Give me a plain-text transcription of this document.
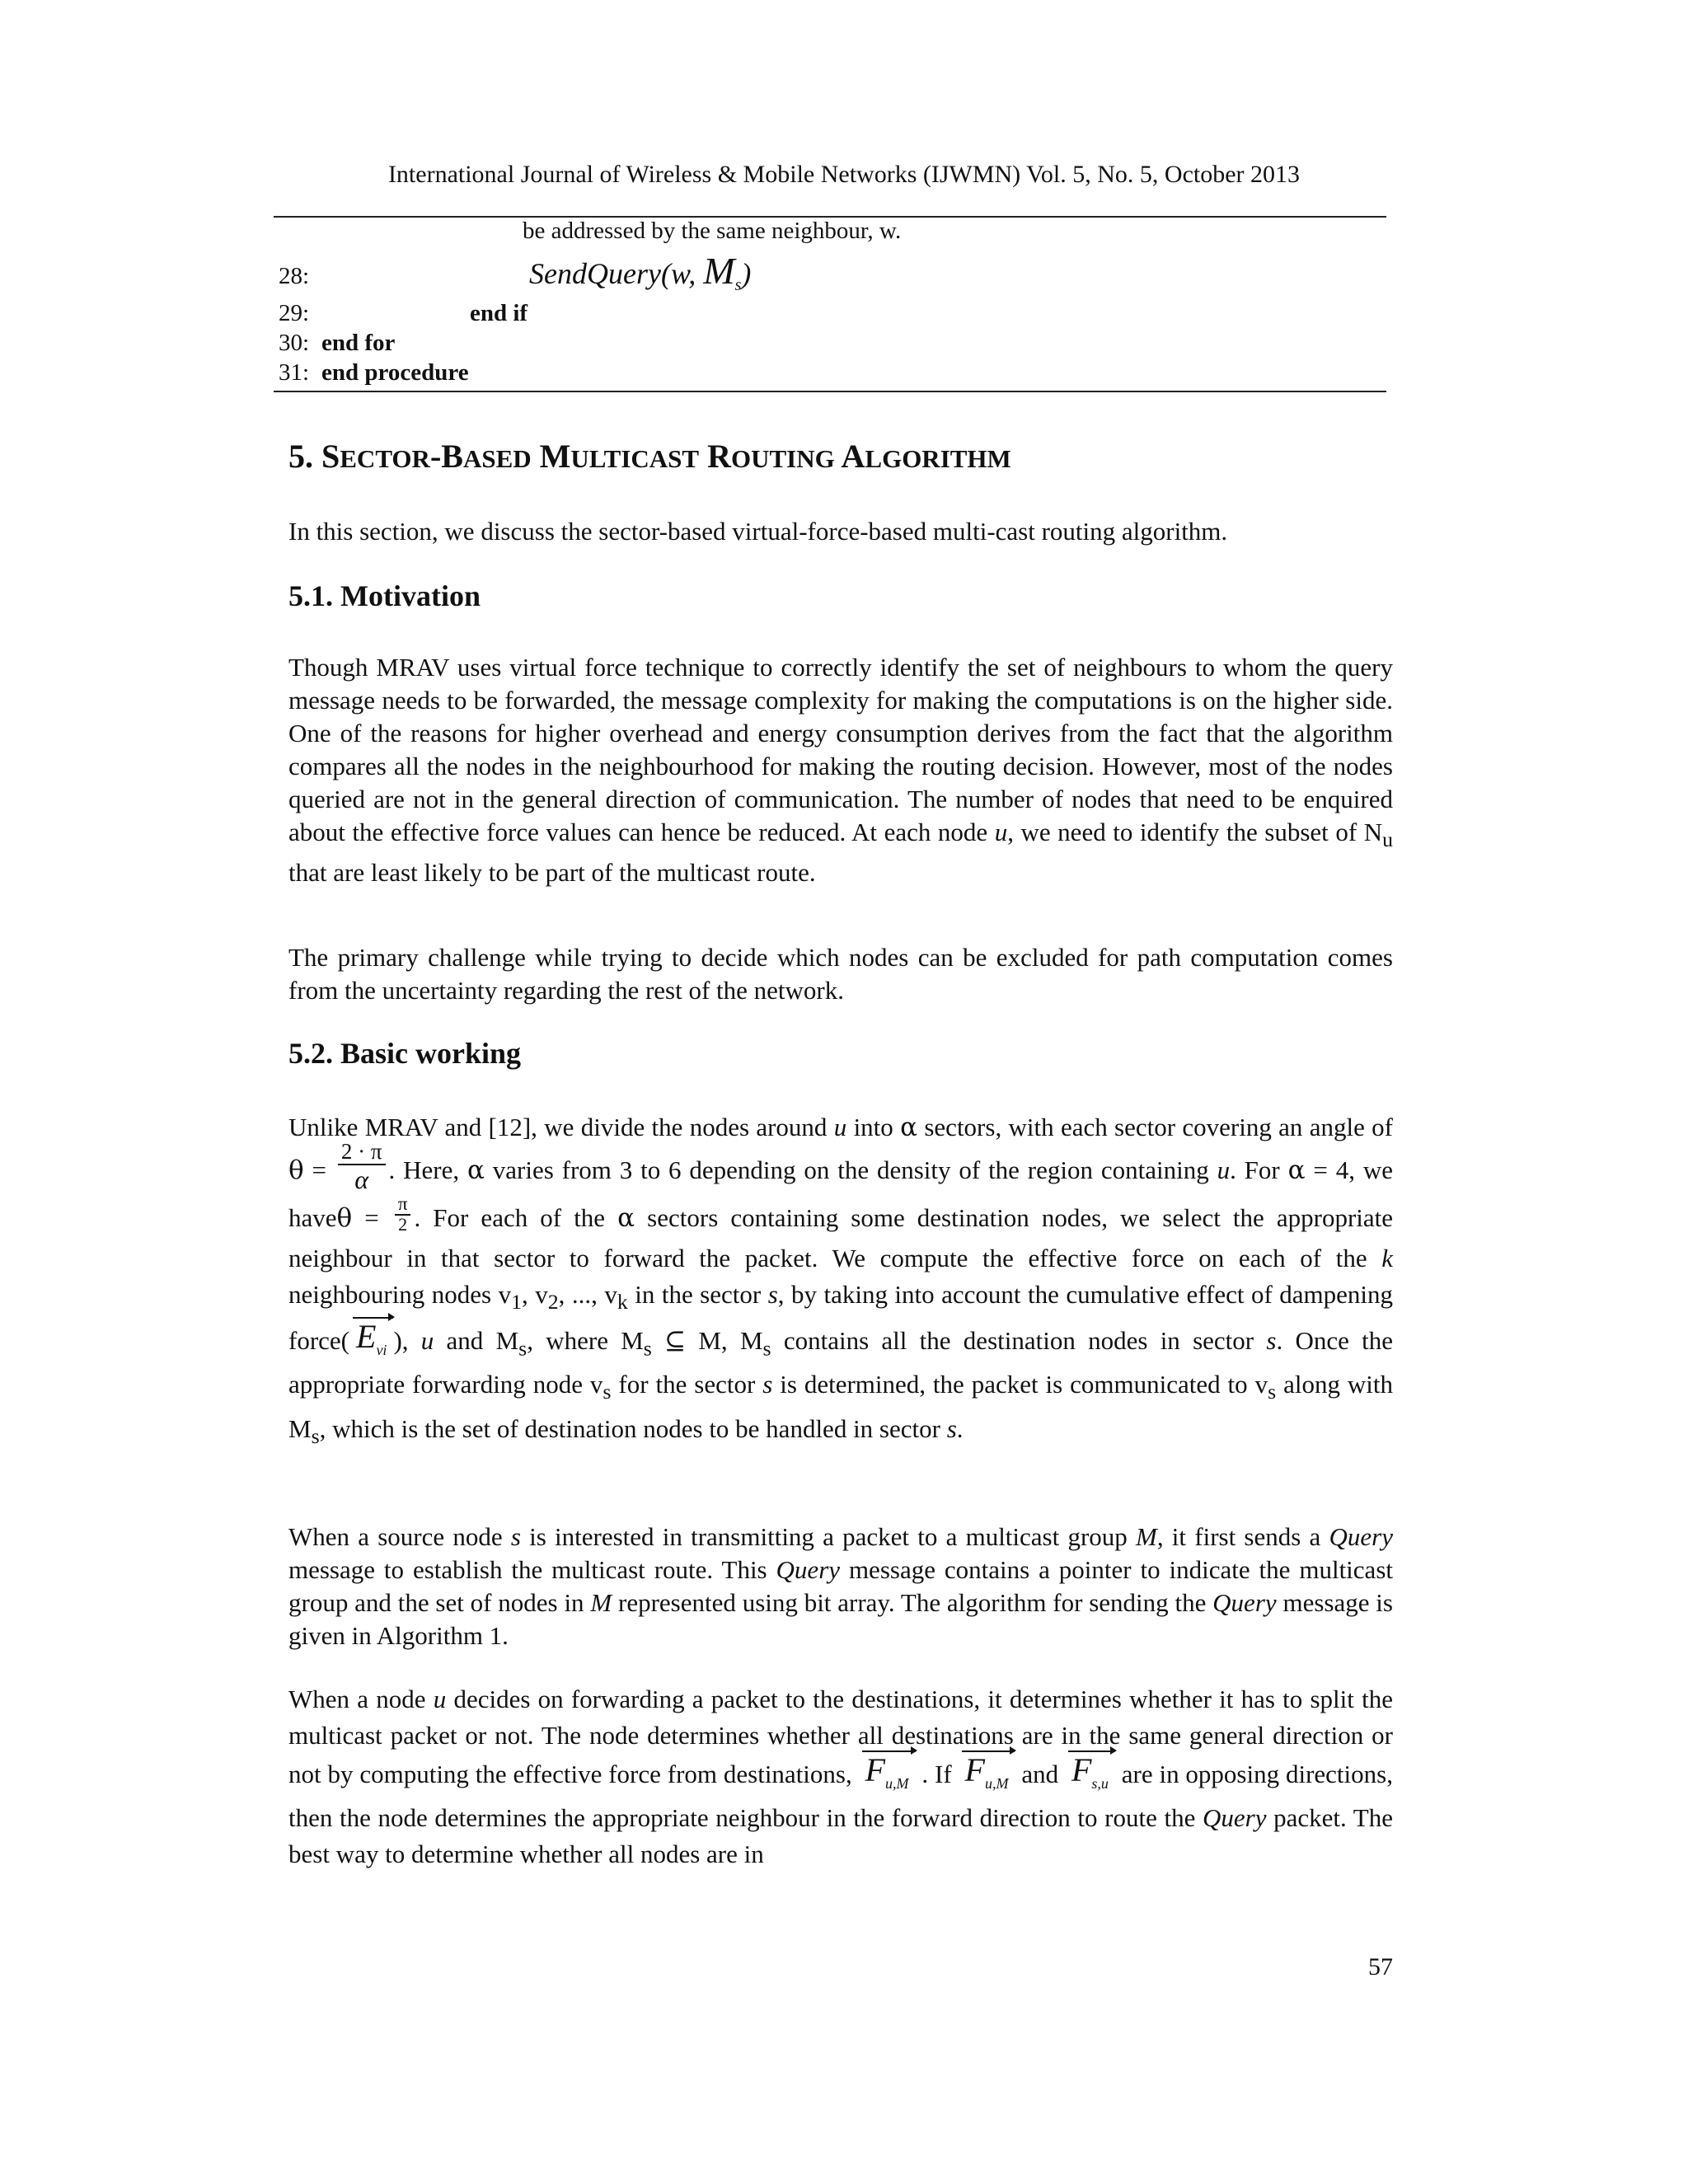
International Journal of Wireless & Mobile Networks (IJWMN) Vol. 5, No. 5, October 2013
be addressed by the same neighbour, w.
28:	SendQuery(w, $M_s$)
29:	end if
30: end for
31: end procedure
5. SECTOR-BASED MULTICAST ROUTING ALGORITHM
In this section, we discuss the sector-based virtual-force-based multi-cast routing algorithm.
5.1. Motivation
Though MRAV uses virtual force technique to correctly identify the set of neighbours to whom the query message needs to be forwarded, the message complexity for making the computations is on the higher side. One of the reasons for higher overhead and energy consumption derives from the fact that the algorithm compares all the nodes in the neighbourhood for making the routing decision. However, most of the nodes queried are not in the general direction of communication. The number of nodes that need to be enquired about the effective force values can hence be reduced. At each node u, we need to identify the subset of $N_u$ that are least likely to be part of the multicast route.
The primary challenge while trying to decide which nodes can be excluded for path computation comes from the uncertainty regarding the rest of the network.
5.2. Basic working
Unlike MRAV and [12], we divide the nodes around u into α sectors, with each sector covering an angle of $\theta = \frac{2 \cdot \pi}{\alpha}$ . Here, α varies from 3 to 6 depending on the density of the region containing u. For α = 4, we haveθ = $\frac{\pi}{2}$ . For each of the α sectors containing some destination nodes, we select the appropriate neighbour in that sector to forward the packet. We compute the effective force on each of the k neighbouring nodes $v_1$, $v_2$, ..., $v_k$ in the sector s, by taking into account the cumulative effect of dampening force( $E_{vi}$ ), u and $M_s$, where $M_s$ ⊆ M, $M_s$ contains all the destination nodes in sector s. Once the appropriate forwarding node $v_s$ for the sector s is determined, the packet is communicated to $v_s$ along with $M_s$, which is the set of destination nodes to be handled in sector s.
When a source node s is interested in transmitting a packet to a multicast group M, it first sends a Query message to establish the multicast route. This Query message contains a pointer to indicate the multicast group and the set of nodes in M represented using bit array. The algorithm for sending the Query message is given in Algorithm 1.
When a node u decides on forwarding a packet to the destinations, it determines whether it has to split the multicast packet or not. The node determines whether all destinations are in the same general direction or not by computing the effective force from destinations, $F_{u,M}$ . If $F_{u,M}$ and $F_{s,u}$ are in opposing directions, then the node determines the appropriate neighbour in the forward direction to route the Query packet. The best way to determine whether all nodes are in
57
